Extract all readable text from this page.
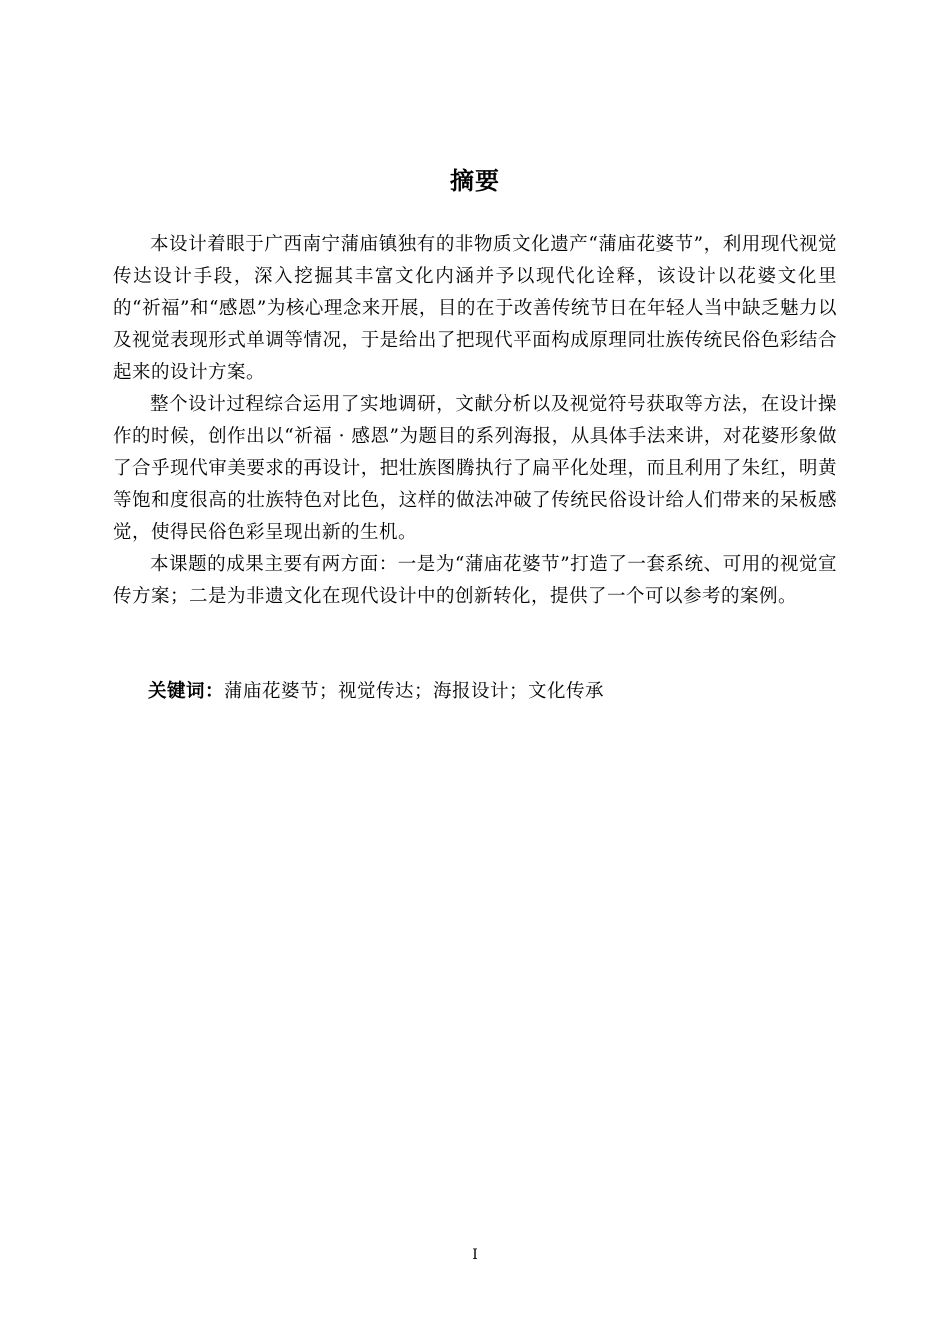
摘要

本设计着眼于广西南宁蒲庙镇独有的非物质文化遗产“蒲庙花婆节”，利用现代视觉传达设计手段，深入挖掘其丰富文化内涵并予以现代化诠释，该设计以花婆文化里的“祈福”和“感恩”为核心理念来开展，目的在于改善传统节日在年轻人当中缺乏魅力以及视觉表现形式单调等情况，于是给出了把现代平面构成原理同壮族传统民俗色彩结合起来的设计方案。

整个设计过程综合运用了实地调研，文献分析以及视觉符号获取等方法，在设计操作的时候，创作出以“祈福 · 感恩”为题目的系列海报，从具体手法来讲，对花婆形象做了合乎现代审美要求的再设计，把壮族图腾执行了扁平化处理，而且利用了朱红，明黄等饱和度很高的壮族特色对比色，这样的做法冲破了传统民俗设计给人们带来的呆板感觉，使得民俗色彩呈现出新的生机。

本课题的成果主要有两方面：一是为“蒲庙花婆节”打造了一套系统、可用的视觉宣传方案；二是为非遗文化在现代设计中的创新转化，提供了一个可以参考的案例。

关键词：蒲庙花婆节；视觉传达；海报设计；文化传承
I
